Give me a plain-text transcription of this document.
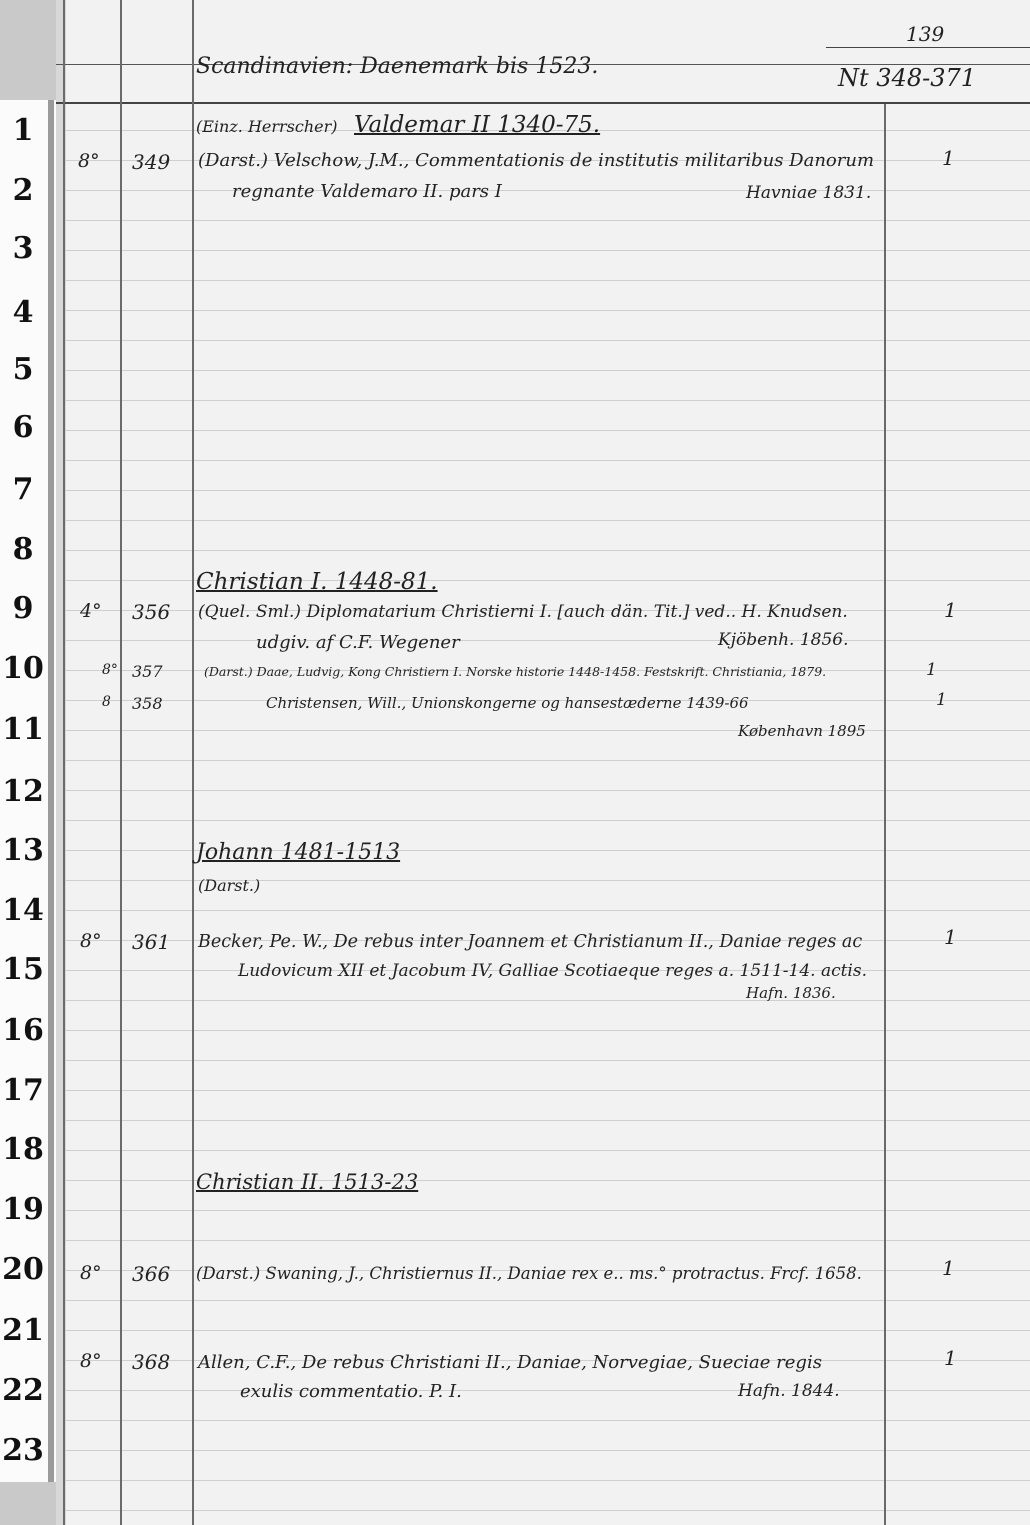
1
2
3
4
5
6
7
8
9
10
11
12
13
14
15
16
17
18
19
20
21
22
23
Scandinavien: Daenemark bis 1523.
139
Nt 348-371
(Einz. Herrscher) Valdemar II 1340-75.
8° 349 (Darst.) Velschow, J.M., Commentationis de institutis militaribus Danorum	1
regnante Valdemaro II. pars I	Havniae 1831.
Christian I. 1448-81.
4° 356 (Quel. Sml.) Diplomatarium Christierni I. [auch dän. Tit.] ved.. H. Knudsen.	1
udgiv. af C.F. Wegener	Kjöbenh. 1856.
8° 357	(Darst.) Daae, Ludvig, Kong Christiern I. Norske historie 1448-1458. Festskrift. Christiania, 1879.	1
8 358	Christensen, Will., Unionskongerne og hansestæderne 1439-66	1
København 1895
Johann 1481-1513
(Darst.)
8° 361 Becker, Pe. W., De rebus inter Joannem et Christianum II., Daniae reges ac	1
Ludovicum XII et Jacobum IV, Galliae Scotiaeque reges a. 1511-14. actis.
Hafn. 1836.
Christian II. 1513-23
8° 366 (Darst.) Swaning, J., Christiernus II., Daniae rex e.. ms.° protractus. Frcf. 1658.	1
8° 368 Allen, C.F., De rebus Christiani II., Daniae, Norvegiae, Sueciae regis	1
exulis commentatio. P. I.	Hafn. 1844.
